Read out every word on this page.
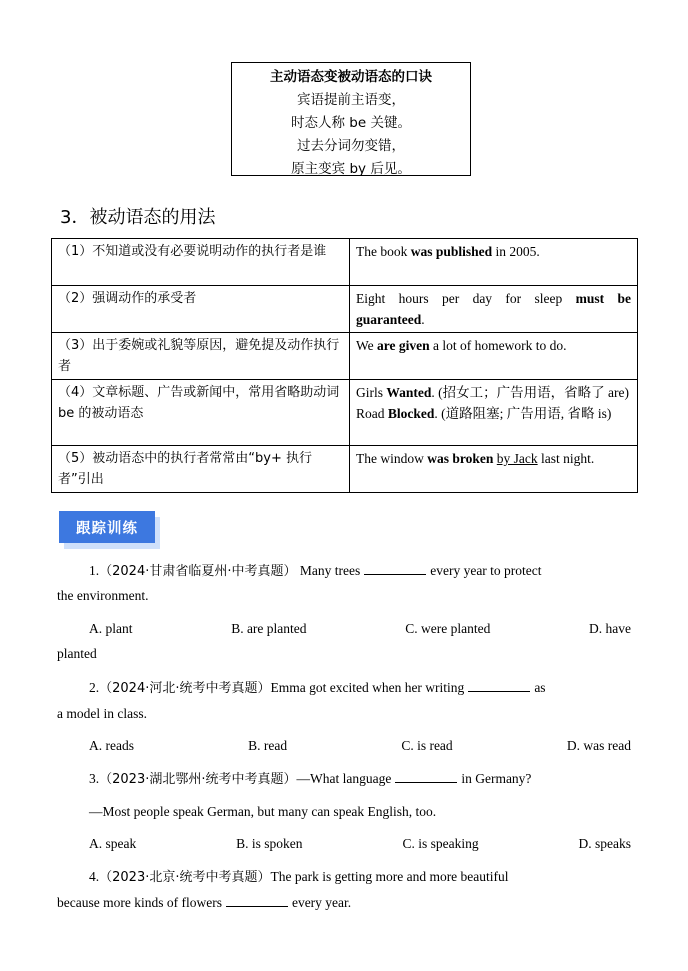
主动语态变被动语态的口诀
宾语提前主语变，
时态人称 be 关键。
过去分词勿变错，
原主变宾 by 后见。
3．被动语态的用法
（1）不知道或没有必要说明动作的执行者是谁	The book was published in 2005.
（2）强调动作的承受者	Eight hours per day for sleep must be guaranteed.
（3）出于委婉或礼貌等原因，避免提及动作执行者	We are given a lot of homework to do.
（4）文章标题、广告或新闻中，常用省略助动词 be 的被动语态	Girls Wanted. (招女工；广告用语，省略了 are)
Road Blocked. (道路阻塞; 广告用语, 省略 is)

（5）被动语态中的执行者常常由“by+ 执行者”引出	The window was broken by Jack last night.
跟踪训练
1.（2024·甘肃省临夏州·中考真题） Many trees	every year to protect
the environment.
A. plant	B. are planted	C. were planted	D. have
planted
2.（2024·河北·统考中考真题）Emma got excited when her writing	as
a model in class.
A. reads	B. read	C. is read	D. was read
3.（2023·湖北鄂州·统考中考真题）—What language	in Germany?
—Most people speak German, but many can speak English, too.
A. speak	B. is spoken	C. is speaking	D. speaks
4.（2023·北京·统考中考真题）The park is getting more and more beautiful
because more kinds of flowers	every year.
